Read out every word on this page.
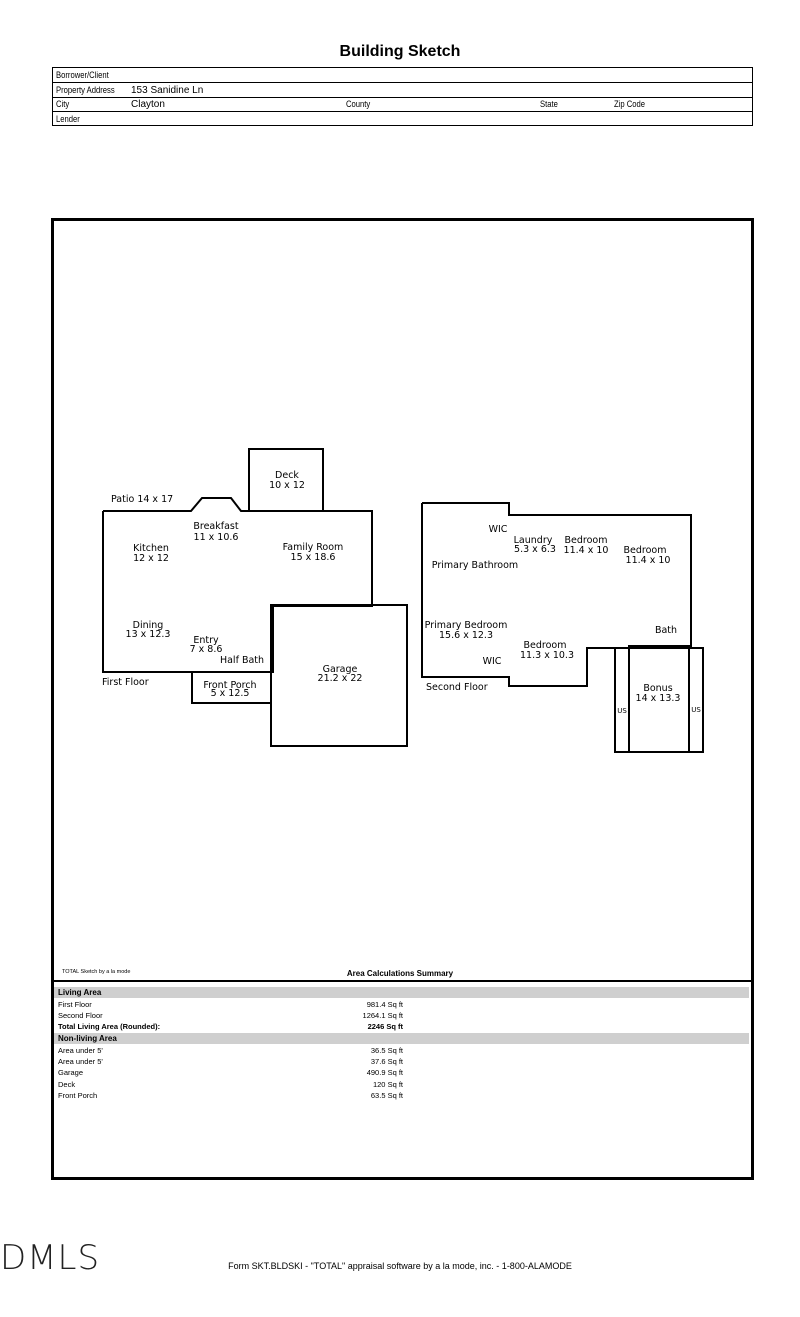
Building Sketch
Borrower/Client
Property Address 153 Sanidine Ln
City	Clayton	County	State	Zip Code
Lender
Patio 14 x 17
Deck
10 x 12
Breakfast
11 x 10.6
Kitchen
12 x 12
Family Room
15 x 18.6
Dining
13 x 12.3
Entry
7 x 8.6
Half Bath
Front Porch
5 x 12.5
Garage
21.2 x 22
First Floor
WIC
Laundry
5.3 x 6.3
Bedroom
11.4 x 10 Bedroom
11.4 x 10
Primary Bathroom
Primary Bedroom
15.6 x 12.3
Bedroom
11.3 x 10.3
WIC
Bath
Bonus
14 x 13.3
US	US
Second Floor
TOTAL Sketch by a la mode	Area Calculations Summary
Living Area
First Floor	981.4 Sq ft
Second Floor	1264.1 Sq ft
Total Living Area (Rounded):	2246 Sq ft
Non-living Area
Area under 5'	36.5 Sq ft
Area under 5'	37.6 Sq ft
Garage	490.9 Sq ft
Deck	120 Sq ft
Front Porch	63.5 Sq ft
DMLS	Form SKT.BLDSKI - "TOTAL" appraisal software by a la mode, inc. - 1-800-ALAMODE
